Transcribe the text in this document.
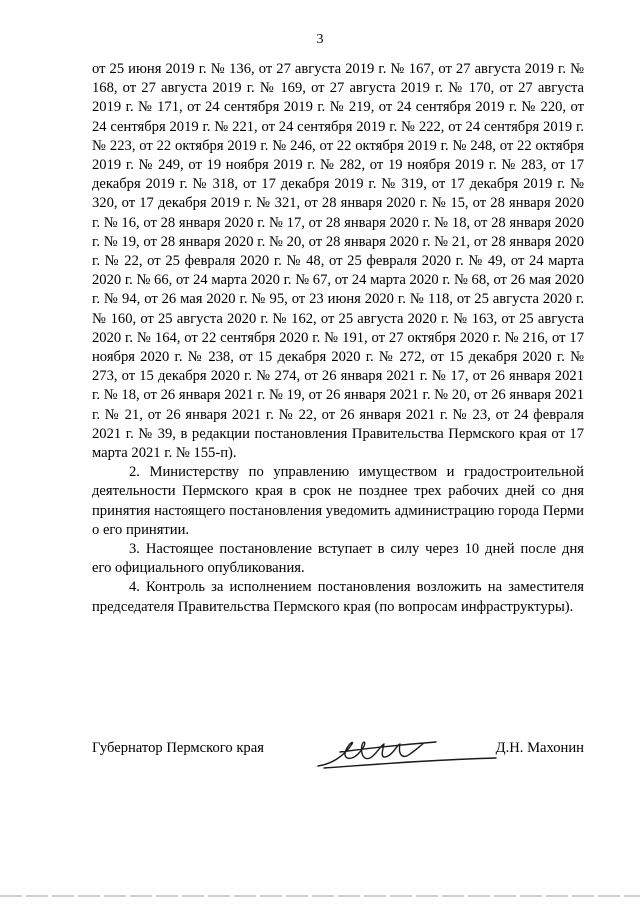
3

от 25 июня 2019 г. № 136, от 27 августа 2019 г. № 167, от 27 августа 2019 г. № 168, от 27 августа 2019 г. № 169, от 27 августа 2019 г. № 170, от 27 августа 2019 г. № 171, от 24 сентября 2019 г. № 219, от 24 сентября 2019 г. № 220, от 24 сентября 2019 г. № 221, от 24 сентября 2019 г. № 222, от 24 сентября 2019 г. № 223, от 22 октября 2019 г. № 246, от 22 октября 2019 г. № 248, от 22 октября 2019 г. № 249, от 19 ноября 2019 г. № 282, от 19 ноября 2019 г. № 283, от 17 декабря 2019 г. № 318, от 17 декабря 2019 г. № 319, от 17 декабря 2019 г. № 320, от 17 декабря 2019 г. № 321, от 28 января 2020 г. № 15, от 28 января 2020 г. № 16, от 28 января 2020 г. № 17, от 28 января 2020 г. № 18, от 28 января 2020 г. № 19, от 28 января 2020 г. № 20, от 28 января 2020 г. № 21, от 28 января 2020 г. № 22, от 25 февраля 2020 г. № 48, от 25 февраля 2020 г. № 49, от 24 марта 2020 г. № 66, от 24 марта 2020 г. № 67, от 24 марта 2020 г. № 68, от 26 мая 2020 г. № 94, от 26 мая 2020 г. № 95, от 23 июня 2020 г. № 118, от 25 августа 2020 г. № 160, от 25 августа 2020 г. № 162, от 25 августа 2020 г. № 163, от 25 августа 2020 г. № 164, от 22 сентября 2020 г. № 191, от 27 октября 2020 г. № 216, от 17 ноября 2020 г. № 238, от 15 декабря 2020 г. № 272, от 15 декабря 2020 г. № 273, от 15 декабря 2020 г. № 274, от 26 января 2021 г. № 17, от 26 января 2021 г. № 18, от 26 января 2021 г. № 19, от 26 января 2021 г. № 20, от 26 января 2021 г. № 21, от 26 января 2021 г. № 22, от 26 января 2021 г. № 23, от 24 февраля 2021 г. № 39, в редакции постановления Правительства Пермского края от 17 марта 2021 г. № 155-п).

2. Министерству по управлению имуществом и градостроительной деятельности Пермского края в срок не позднее трех рабочих дней со дня принятия настоящего постановления уведомить администрацию города Перми о его принятии.

3. Настоящее постановление вступает в силу через 10 дней после дня его официального опубликования.

4. Контроль за исполнением постановления возложить на заместителя председателя Правительства Пермского края (по вопросам инфраструктуры).

Губернатор Пермского края	Д.Н. Махонин
